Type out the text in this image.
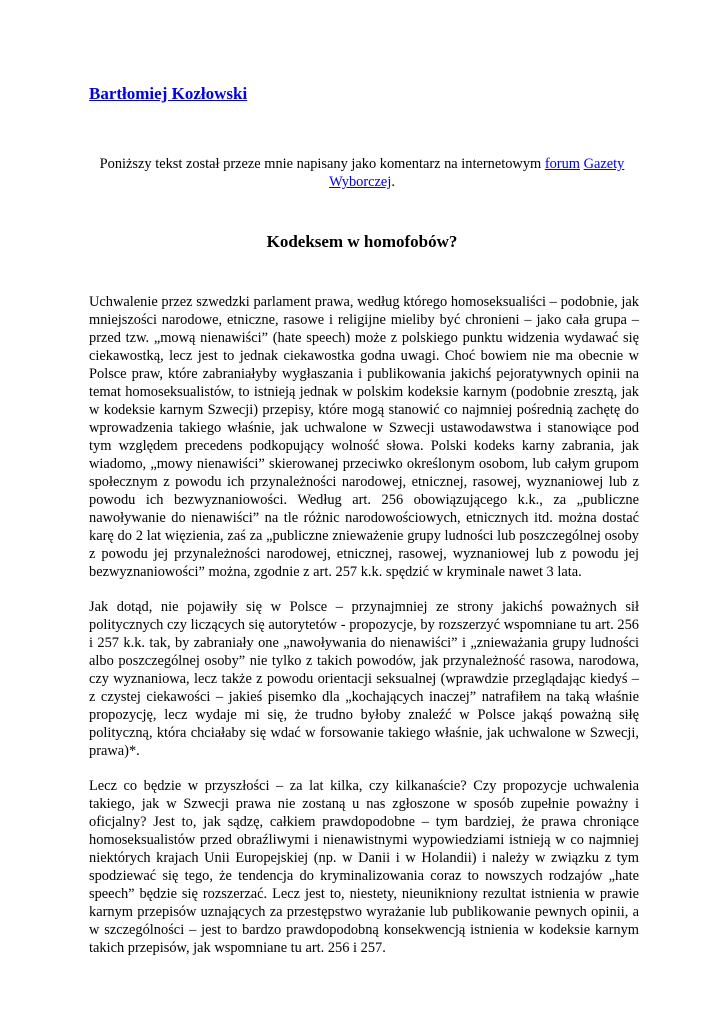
Bartłomiej Kozłowski
Poniższy tekst został przeze mnie napisany jako komentarz na internetowym forum Gazety Wyborczej.
Kodeksem w homofobów?

Uchwalenie przez szwedzki parlament prawa, według którego homoseksualiści – podobnie, jak mniejszości narodowe, etniczne, rasowe i religijne mieliby być chronieni – jako cała grupa – przed tzw. „mową nienawiści” (hate speech) może z polskiego punktu widzenia wydawać się ciekawostką, lecz jest to jednak ciekawostka godna uwagi. Choć bowiem nie ma obecnie w Polsce praw, które zabraniałyby wygłaszania i publikowania jakichś pejoratywnych opinii na temat homoseksualistów, to istnieją jednak w polskim kodeksie karnym (podobnie zresztą, jak w kodeksie karnym Szwecji) przepisy, które mogą stanowić co najmniej pośrednią zachętę do wprowadzenia takiego właśnie, jak uchwalone w Szwecji ustawodawstwa i stanowiące pod tym względem precedens podkopujący wolność słowa. Polski kodeks karny zabrania, jak wiadomo, „mowy nienawiści” skierowanej przeciwko określonym osobom, lub całym grupom społecznym z powodu ich przynależności narodowej, etnicznej, rasowej, wyznaniowej lub z powodu ich bezwyznaniowości. Według art. 256 obowiązującego k.k., za „publiczne nawoływanie do nienawiści” na tle różnic narodowościowych, etnicznych itd. można dostać karę do 2 lat więzienia, zaś za „publiczne znieważenie grupy ludności lub poszczególnej osoby z powodu jej przynależności narodowej, etnicznej, rasowej, wyznaniowej lub z powodu jej bezwyznaniowości” można, zgodnie z art. 257 k.k. spędzić w kryminale nawet 3 lata.

Jak dotąd, nie pojawiły się w Polsce – przynajmniej ze strony jakichś poważnych sił politycznych czy liczących się autorytetów - propozycje, by rozszerzyć wspomniane tu art. 256 i 257 k.k. tak, by zabraniały one „nawoływania do nienawiści” i „znieważania grupy ludności albo poszczególnej osoby” nie tylko z takich powodów, jak przynależność rasowa, narodowa, czy wyznaniowa, lecz także z powodu orientacji seksualnej (wprawdzie przeglądając kiedyś – z czystej ciekawości – jakieś pisemko dla „kochających inaczej” natrafiłem na taką właśnie propozycję, lecz wydaje mi się, że trudno byłoby znaleźć w Polsce jakąś poważną siłę polityczną, która chciałaby się wdać w forsowanie takiego właśnie, jak uchwalone w Szwecji, prawa)*.

Lecz co będzie w przyszłości – za lat kilka, czy kilkanaście? Czy propozycje uchwalenia takiego, jak w Szwecji prawa nie zostaną u nas zgłoszone w sposób zupełnie poważny i oficjalny? Jest to, jak sądzę, całkiem prawdopodobne – tym bardziej, że prawa chroniące homoseksualistów przed obraźliwymi i nienawistnymi wypowiedziami istnieją w co najmniej niektórych krajach Unii Europejskiej (np. w Danii i w Holandii) i należy w związku z tym spodziewać się tego, że tendencja do kryminalizowania coraz to nowszych rodzajów „hate speech” będzie się rozszerzać. Lecz jest to, niestety, nieunikniony rezultat istnienia w prawie karnym przepisów uznających za przestępstwo wyrażanie lub publikowanie pewnych opinii, a w szczególności – jest to bardzo prawdopodobną konsekwencją istnienia w kodeksie karnym takich przepisów, jak wspomniane tu art. 256 i 257.
